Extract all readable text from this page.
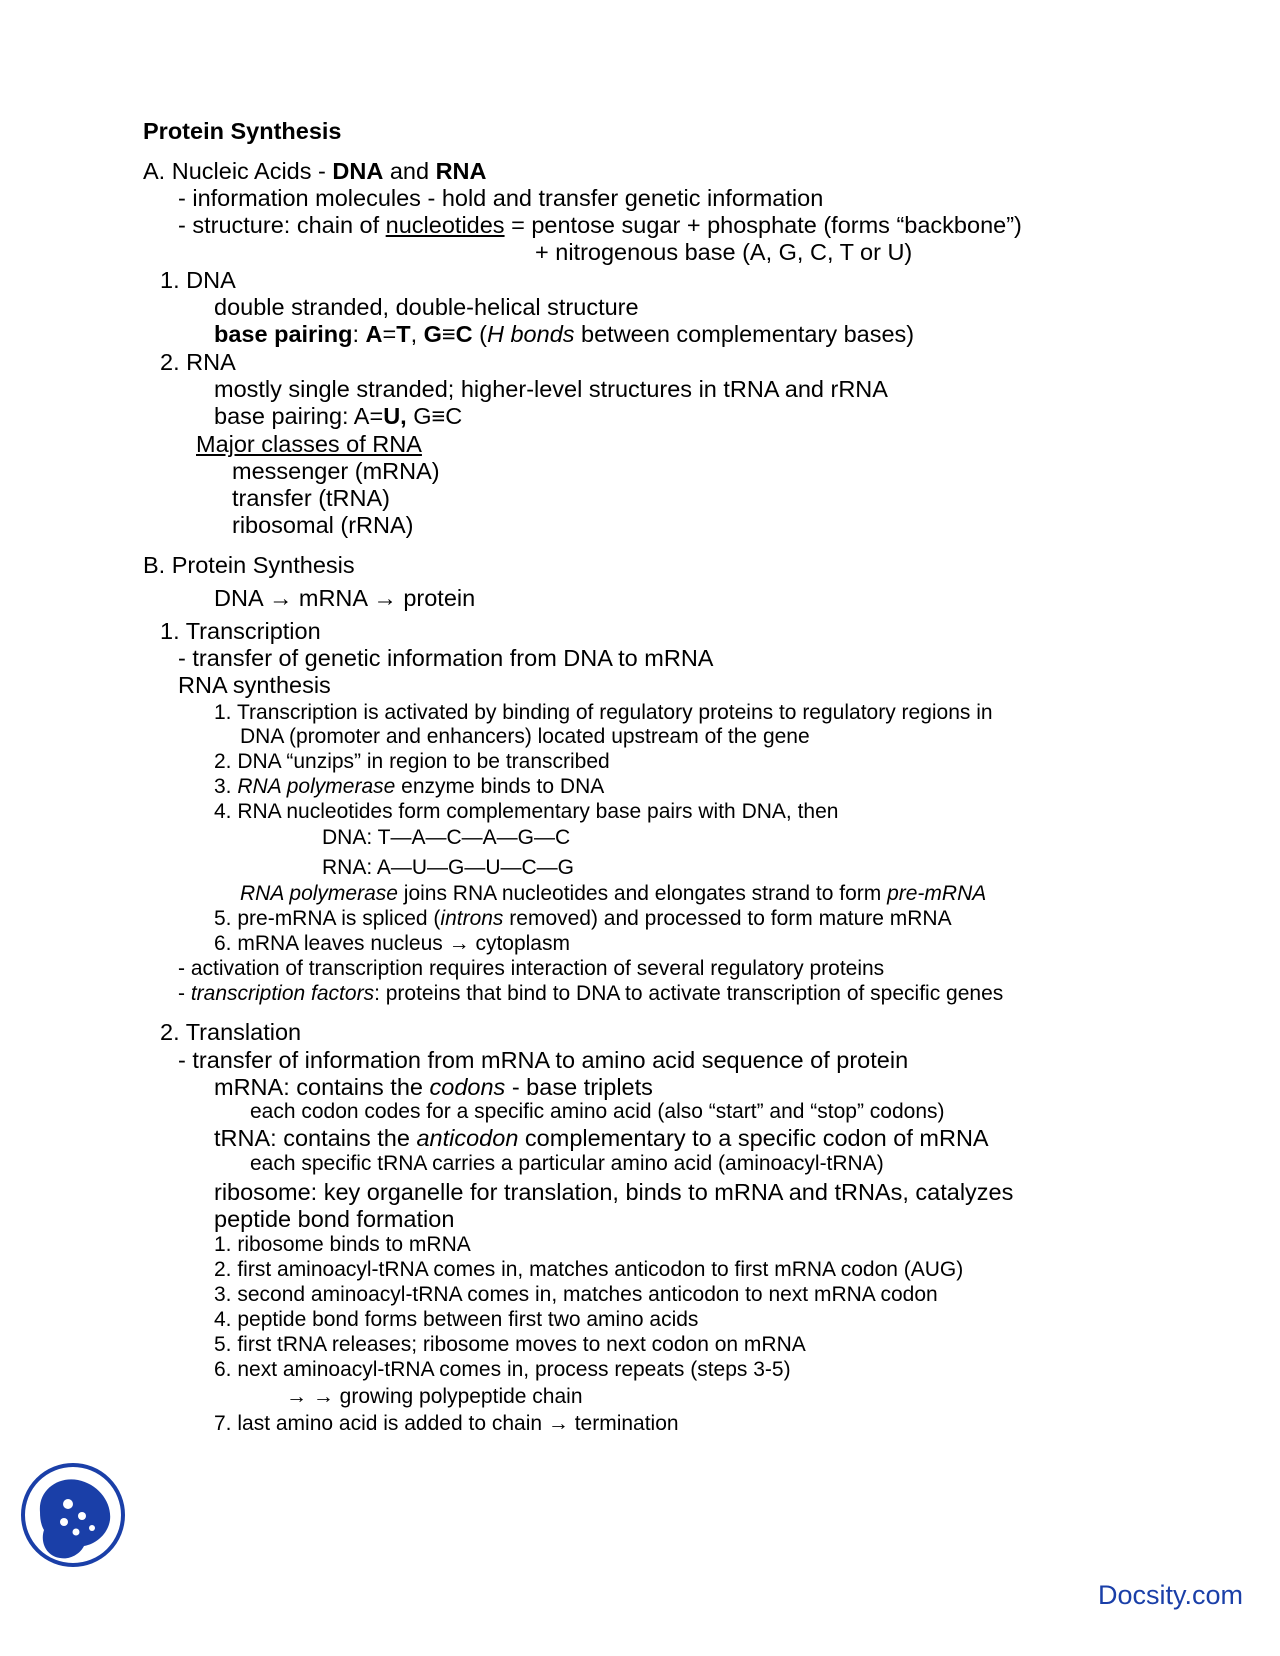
Protein Synthesis
A. Nucleic Acids - DNA and RNA
- information molecules - hold and transfer genetic information
- structure: chain of nucleotides = pentose sugar + phosphate (forms “backbone”)
+ nitrogenous base (A, G, C, T or U)
1. DNA
double stranded, double-helical structure
base pairing: A=T, G≡C (H bonds between complementary bases)
2. RNA
mostly single stranded; higher-level structures in tRNA and rRNA
base pairing: A=U, G≡C
Major classes of RNA
messenger (mRNA)
transfer (tRNA)
ribosomal (rRNA)
B. Protein Synthesis
DNA → mRNA → protein
1. Transcription
- transfer of genetic information from DNA to mRNA
RNA synthesis
1. Transcription is activated by binding of regulatory proteins to regulatory regions in
DNA (promoter and enhancers) located upstream of the gene
2. DNA “unzips” in region to be transcribed
3. RNA polymerase enzyme binds to DNA
4. RNA nucleotides form complementary base pairs with DNA, then
DNA: T—A—C—A—G—C
RNA: A—U—G—U—C—G
RNA polymerase joins RNA nucleotides and elongates strand to form pre-mRNA
5. pre-mRNA is spliced (introns removed) and processed to form mature mRNA
6. mRNA leaves nucleus → cytoplasm
- activation of transcription requires interaction of several regulatory proteins
- transcription factors: proteins that bind to DNA to activate transcription of specific genes
2. Translation
- transfer of information from mRNA to amino acid sequence of protein
mRNA: contains the codons - base triplets
each codon codes for a specific amino acid (also “start” and “stop” codons)
tRNA: contains the anticodon complementary to a specific codon of mRNA
each specific tRNA carries a particular amino acid (aminoacyl-tRNA)
ribosome: key organelle for translation, binds to mRNA and tRNAs, catalyzes
peptide bond formation
1. ribosome binds to mRNA
2. first aminoacyl-tRNA comes in, matches anticodon to first mRNA codon (AUG)
3. second aminoacyl-tRNA comes in, matches anticodon to next mRNA codon
4. peptide bond forms between first two amino acids
5. first tRNA releases; ribosome moves to next codon on mRNA
6. next aminoacyl-tRNA comes in, process repeats (steps 3-5)
→ → growing polypeptide chain
7. last amino acid is added to chain → termination
Docsity.com
